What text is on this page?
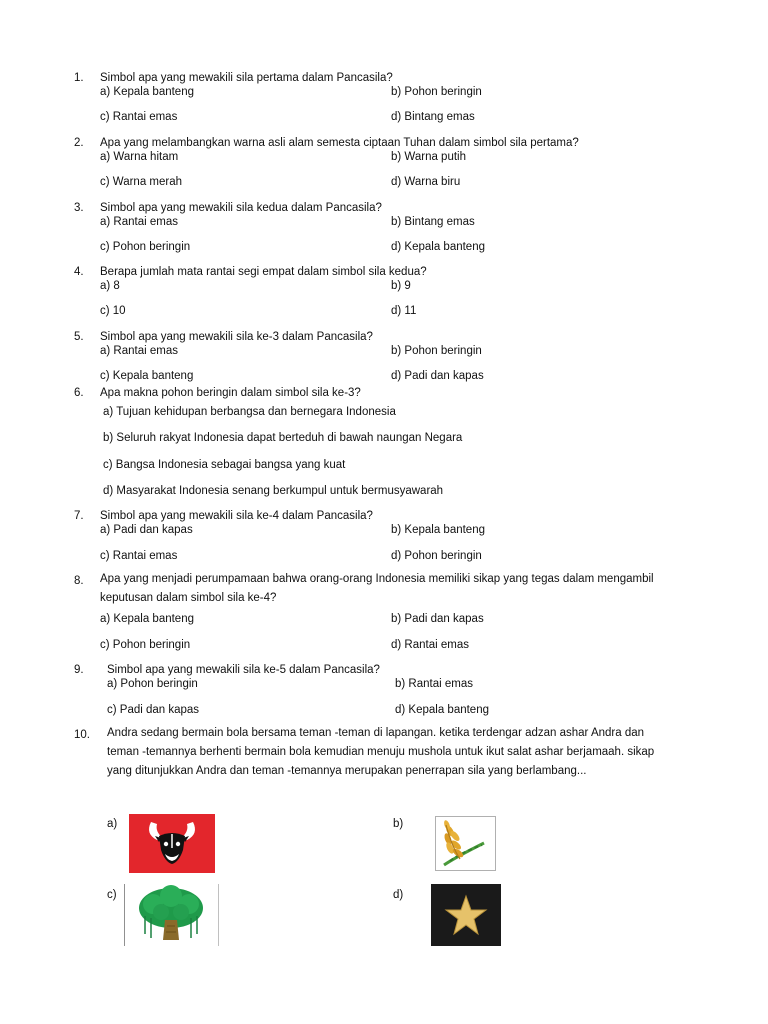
1. Simbol apa yang mewakili sila pertama dalam Pancasila?
a) Kepala banteng	b) Pohon beringin
c) Rantai emas	d) Bintang emas
2. Apa yang melambangkan warna asli alam semesta ciptaan Tuhan dalam simbol sila pertama?
a) Warna hitam	b) Warna putih
c) Warna merah	d) Warna biru
3. Simbol apa yang mewakili sila kedua dalam Pancasila?
a) Rantai emas	b) Bintang emas
c) Pohon beringin	d) Kepala banteng
4. Berapa jumlah mata rantai segi empat dalam simbol sila kedua?
a) 8	b) 9
c) 10	d) 11
5. Simbol apa yang mewakili sila ke-3 dalam Pancasila?
a) Rantai emas	b) Pohon beringin
c) Kepala banteng	d) Padi dan kapas
6. Apa makna pohon beringin dalam simbol sila ke-3?
a) Tujuan kehidupan berbangsa dan bernegara Indonesia
b) Seluruh rakyat Indonesia dapat berteduh di bawah naungan Negara
c) Bangsa Indonesia sebagai bangsa yang kuat
d) Masyarakat Indonesia senang berkumpul untuk bermusyawarah
7. Simbol apa yang mewakili sila ke-4 dalam Pancasila?
a) Padi dan kapas	b) Kepala banteng
c) Rantai emas	d) Pohon beringin
8. Apa yang menjadi perumpamaan bahwa orang-orang Indonesia memiliki sikap yang tegas dalam mengambil keputusan dalam simbol sila ke-4?
a) Kepala banteng	b) Padi dan kapas
c) Pohon beringin	d) Rantai emas
9. Simbol apa yang mewakili sila ke-5 dalam Pancasila?
a) Pohon beringin	b) Rantai emas
c) Padi dan kapas	d) Kepala banteng
10. Andra sedang bermain bola bersama teman -teman di lapangan. ketika terdengar adzan ashar Andra dan teman -temannya berhenti bermain bola kemudian menuju mushola untuk ikut salat ashar berjamaah. sikap yang ditunjukkan Andra dan teman -temannya merupakan penerrapan sila yang berlambang...
a)	b)
c)	d)
